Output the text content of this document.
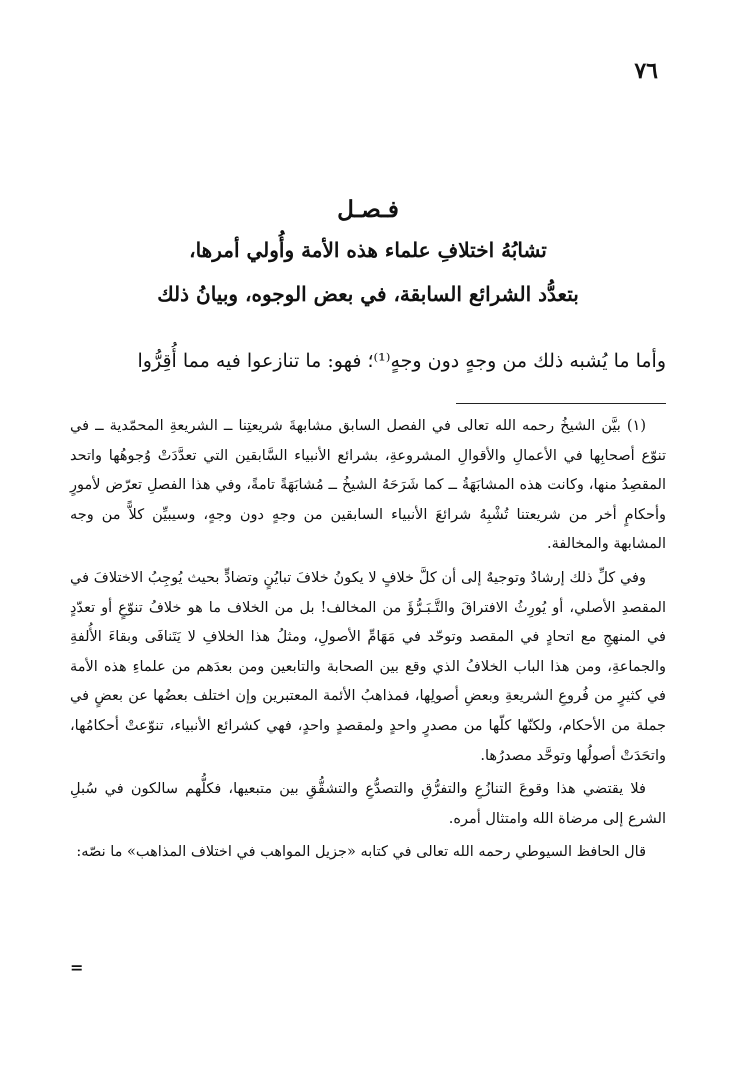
٧٦
فـصـل
تشابُهُ اختلافِ علماء هذه الأمة وأُولي أمرها،
بتعدُّد الشرائع السابقة، في بعض الوجوه، وبيانُ ذلك
وأما ما يُشبه ذلك من وجهٍ دون وجهٍ⁽¹⁾؛ فهو: ما تنازعوا فيه مما أُقِرُّوا

(١) بيَّن الشيخُ رحمه الله تعالى في الفصل السابق مشابهةَ شريعتِنا ــ الشريعةِ المحمّدية ــ في تنوّع أصحابِها في الأعمالِ والأقوالِ المشروعةِ، بشرائع الأنبياء السَّابقين التي تعدَّدَتْ وُجوهُها واتحد المقصِدُ منها، وكانت هذه المشابَهَةُ ــ كما شَرَحَهُ الشيخُ ــ مُشابَهَةً تامةً، وفي هذا الفصلِ تعرّض لأمورٍ وأحكامٍ أخر من شريعتنا تُشْبِهُ شرائعَ الأنبياء السابقين من وجهٍ دون وجهٍ، وسيبيِّن كلاًّ من وجه المشابهة والمخالفة.

وفي كلِّ ذلك إرشادٌ وتوجيهٌ إلى أن كلَّ خلافٍ لا يكونُ خلافَ تبايُنٍ وتضادٍّ بحيث يُوجِبُ الاختلافَ في المقصدِ الأصلي، أو يُورِثُ الافتراقَ والتَّـبَـرُّؤَ من المخالف! بل من الخلاف ما هو خلافُ تنوّعٍ أو تعدّدٍ في المنهجِ مع اتحادٍ في المقصد وتوحّد في مَهَامِّ الأصولِ، ومثلُ هذا الخلافِ لا يَتَنافَى وبقاءَ الأُلفةِ والجماعةِ، ومن هذا الباب الخلافُ الذي وقع بين الصحابة والتابعين ومن بعدَهم من علماءِ هذه الأمة في كثيرٍ من فُروعِ الشريعةِ وبعضِ أصولِها، فمذاهبُ الأئمة المعتبرين وإن اختلف بعضُها عن بعضٍ في جملة من الأحكام، ولكنّها كلّها من مصدرٍ واحدٍ ولمقصدٍ واحدٍ، فهي كشرائع الأنبياء، تنوّعتْ أحكامُها، واتحَدَتْ أصولُها وتوحَّد مصدرُها.

فلا يقتضي هذا وقوعَ التنازُعِ والتفرُّقِ والتصدُّعِ والتشقُّقِ بين متبعيها، فكلُّهم سالكون في سُبلِ الشرع إلى مرضاة الله وامتثال أمره.

قال الحافظ السيوطي رحمه الله تعالى في كتابه «جزيل المواهب في اختلاف المذاهب» ما نصّه:

=
